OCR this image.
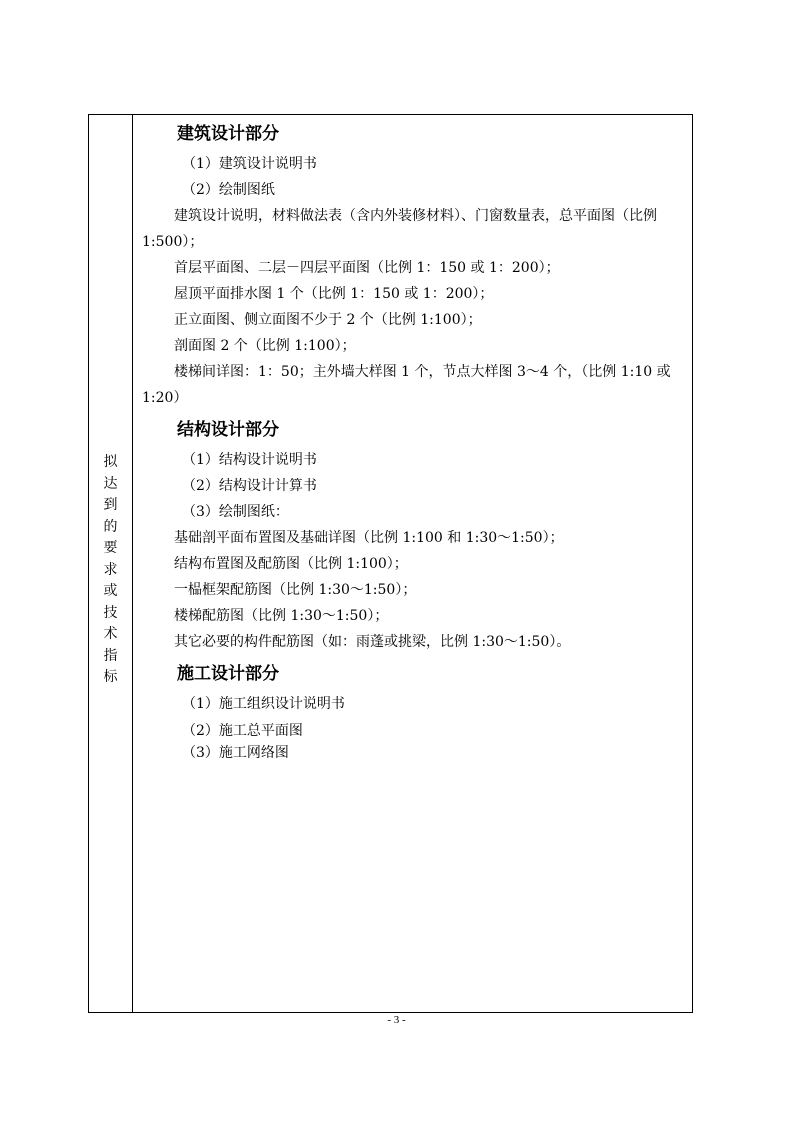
拟
达
到
的
要
求
或
技
术
指
标

建筑设计部分

（1）建筑设计说明书

（2）绘制图纸

建筑设计说明，材料做法表（含内外装修材料）、门窗数量表，总平面图（比例 1:500）；

首层平面图、二层－四层平面图（比例 1：150 或 1：200）；

屋顶平面排水图 1 个（比例 1：150 或 1：200）；

正立面图、侧立面图不少于 2 个（比例 1:100）；

剖面图 2 个（比例 1:100）；

楼梯间详图：1：50；主外墙大样图 1 个，节点大样图 3～4 个，（比例 1:10 或 1:20）

结构设计部分

（1）结构设计说明书

（2）结构设计计算书

（3）绘制图纸：

基础剖平面布置图及基础详图（比例 1:100 和 1:30～1:50）；

结构布置图及配筋图（比例 1:100）；

一榀框架配筋图（比例 1:30～1:50）；

楼梯配筋图（比例 1:30～1:50）；

其它必要的构件配筋图（如：雨蓬或挑梁，比例 1:30～1:50）。

施工设计部分

（1）施工组织设计说明书

（2）施工总平面图

（3）施工网络图

- 3 -
